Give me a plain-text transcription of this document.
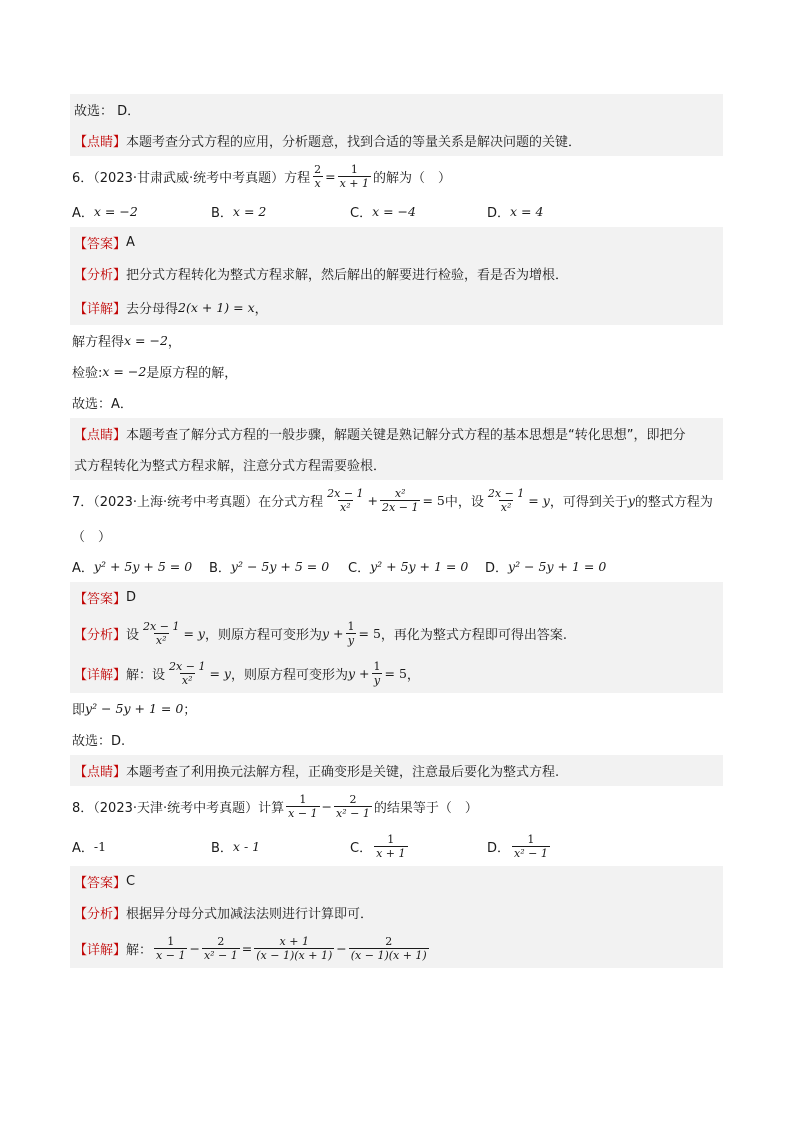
故选： D．
【点睛】 本题考查分式方程的应用，分析题意，找到合适的等量关系是解决问题的关键．
6．（2023·甘肃武威·统考中考真题）方程 $\frac{2}{x} = \frac{1}{x + 1}$ 的解为（　）
A． x = −2	B． x = 2	C． x = −4	D． x = 4
【答案】 A
【分析】 把分式方程转化为整式方程求解，然后解出的解要进行检验，看是否为增根．
【详解】 去分母得 2(x + 1) = x ，
解方程得 x = −2 ，
检验: x = −2 是原方程的解，
故选：A．
【点睛】 本题考查了解分式方程的一般步骤，解题关键是熟记解分式方程的基本思想是“转化思想”，即把分
式方程转化为整式方程求解，注意分式方程需要验根．
7．（2023·上海·统考中考真题）在分式方程 $\frac{2x - 1}{\text{x²}} + \frac{\text{x²}}{2x - 1} = 5$ 中，设 $\frac{2x - 1}{\text{x²}} = y$ ，可得到关于 y 的整式方程为
（　）
A． y² + 5y + 5 = 0 B． y² − 5y + 5 = 0 C． y² + 5y + 1 = 0 D． y² − 5y + 1 = 0
【答案】 D
【分析】 设 $\frac{2x - 1}{\text{x²}} = y$ ，则原方程可变形为 $y + \frac{1}{y} = 5$ ，再化为整式方程即可得出答案.
【详解】 解：设 $\frac{2x - 1}{\text{x²}} = y$ ，则原方程可变形为 $y + \frac{1}{y} = 5$ ，
即 y² − 5y + 1 = 0 ；
故选：D.
【点睛】 本题考查了利用换元法解方程，正确变形是关键，注意最后要化为整式方程.
8．（2023·天津·统考中考真题）计算 $\frac{1}{x - 1} - \frac{2}{\text{x² − 1}}$ 的结果等于（　）
A． -1	B． x - 1	C． $\frac{1}{x + 1}$	D． $\frac{1}{\text{x² − 1}}$
【答案】 C
【分析】 根据异分母分式加减法法则进行计算即可．
【详解】 解： $\frac{1}{x - 1} - \frac{2}{\text{x² − 1}} = \frac{x + 1}{(x - 1)(x + 1)} - \frac{2}{(x - 1)(x + 1)}$
